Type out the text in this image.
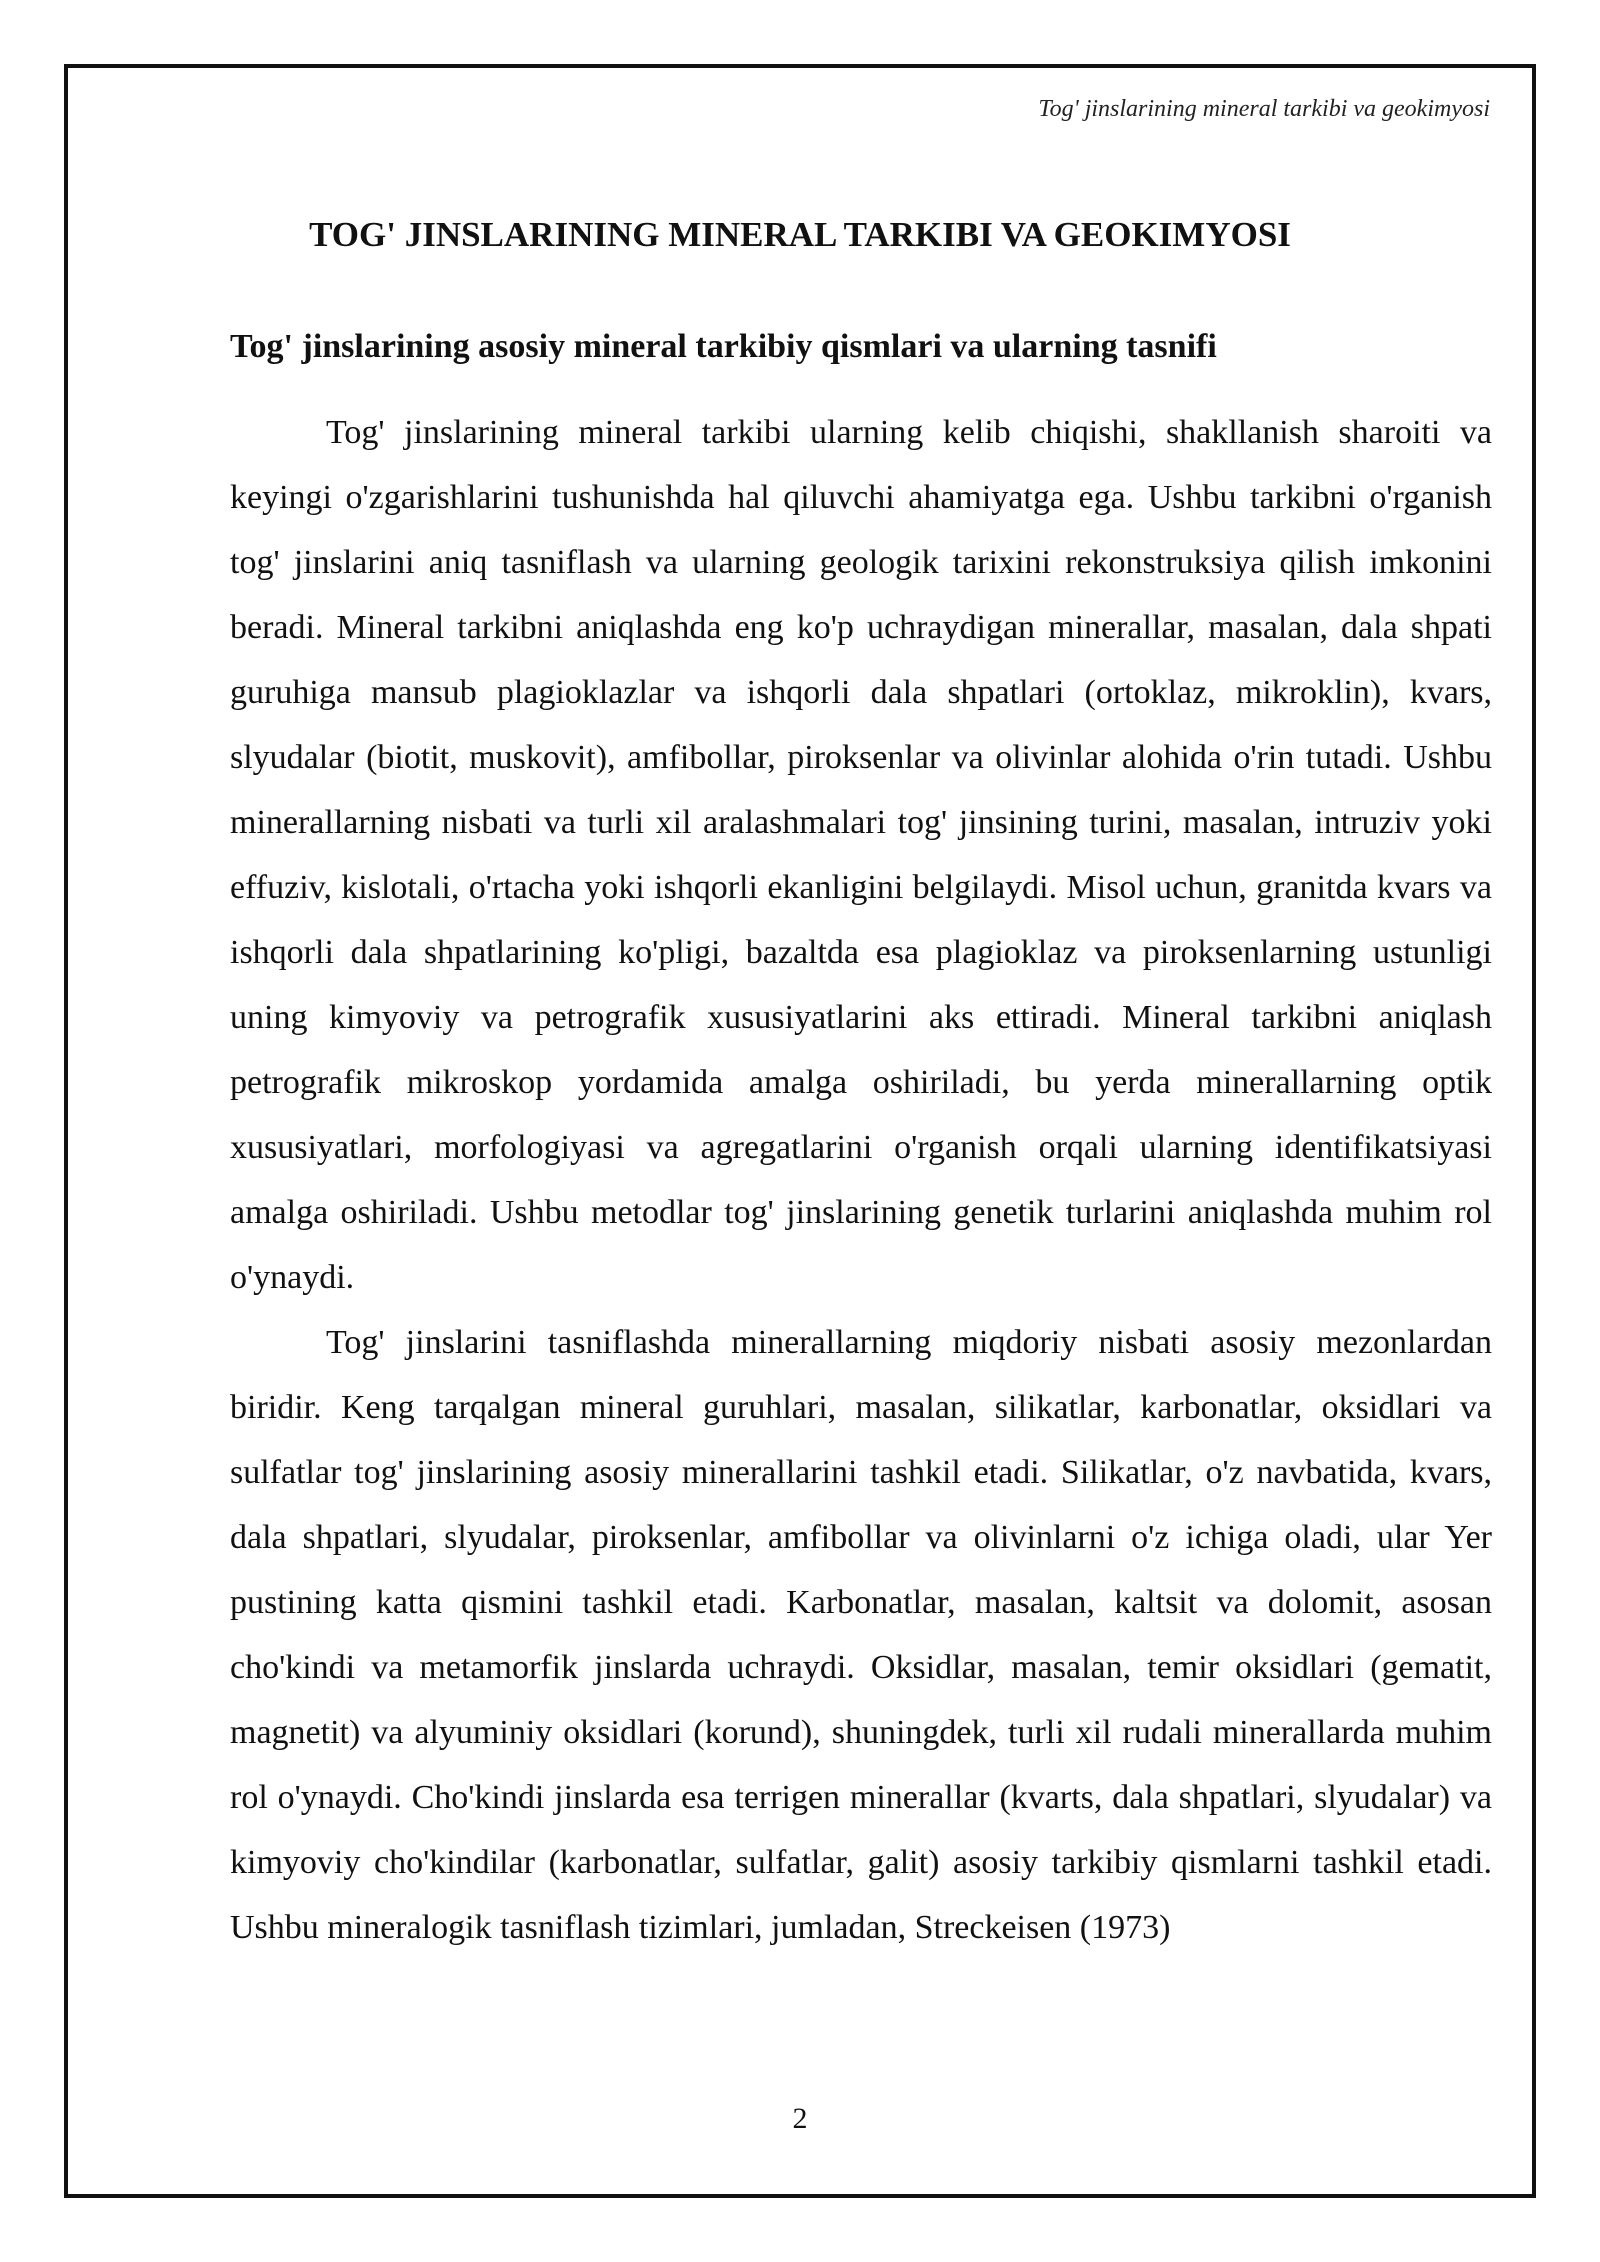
Tog' jinslarining mineral tarkibi va geokimyosi
TOG' JINSLARINING MINERAL TARKIBI VA GEOKIMYOSI
Tog' jinslarining asosiy mineral tarkibiy qismlari va ularning tasnifi

Tog' jinslarining mineral tarkibi ularning kelib chiqishi, shakllanish sharoiti va keyingi o'zgarishlarini tushunishda hal qiluvchi ahamiyatga ega. Ushbu tarkibni o'rganish tog' jinslarini aniq tasniflash va ularning geologik tarixini rekonstruksiya qilish imkonini beradi. Mineral tarkibni aniqlashda eng ko'p uchraydigan minerallar, masalan, dala shpati guruhiga mansub plagioklazlar va ishqorli dala shpatlari (ortoklaz, mikroklin), kvars, slyudalar (biotit, muskovit), amfibollar, piroksenlar va olivinlar alohida o'rin tutadi. Ushbu minerallarning nisbati va turli xil aralashmalari tog' jinsining turini, masalan, intruziv yoki effuziv, kislotali, o'rtacha yoki ishqorli ekanligini belgilaydi. Misol uchun, granitda kvars va ishqorli dala shpatlarining ko'pligi, bazaltda esa plagioklaz va piroksenlarning ustunligi uning kimyoviy va petrografik xususiyatlarini aks ettiradi. Mineral tarkibni aniqlash petrografik mikroskop yordamida amalga oshiriladi, bu yerda minerallarning optik xususiyatlari, morfologiyasi va agregatlarini o'rganish orqali ularning identifikatsiyasi amalga oshiriladi. Ushbu metodlar tog' jinslarining genetik turlarini aniqlashda muhim rol o'ynaydi.

Tog' jinslarini tasniflashda minerallarning miqdoriy nisbati asosiy mezonlardan biridir. Keng tarqalgan mineral guruhlari, masalan, silikatlar, karbonatlar, oksidlari va sulfatlar tog' jinslarining asosiy minerallarini tashkil etadi. Silikatlar, o'z navbatida, kvars, dala shpatlari, slyudalar, piroksenlar, amfibollar va olivinlarni o'z ichiga oladi, ular Yer pustining katta qismini tashkil etadi. Karbonatlar, masalan, kaltsit va dolomit, asosan cho'kindi va metamorfik jinslarda uchraydi. Oksidlar, masalan, temir oksidlari (gematit, magnetit) va alyuminiy oksidlari (korund), shuningdek, turli xil rudali minerallarda muhim rol o'ynaydi. Cho'kindi jinslarda esa terrigen minerallar (kvarts, dala shpatlari, slyudalar) va kimyoviy cho'kindilar (karbonatlar, sulfatlar, galit) asosiy tarkibiy qismlarni tashkil etadi. Ushbu mineralogik tasniflash tizimlari, jumladan, Streckeisen (1973)

2
